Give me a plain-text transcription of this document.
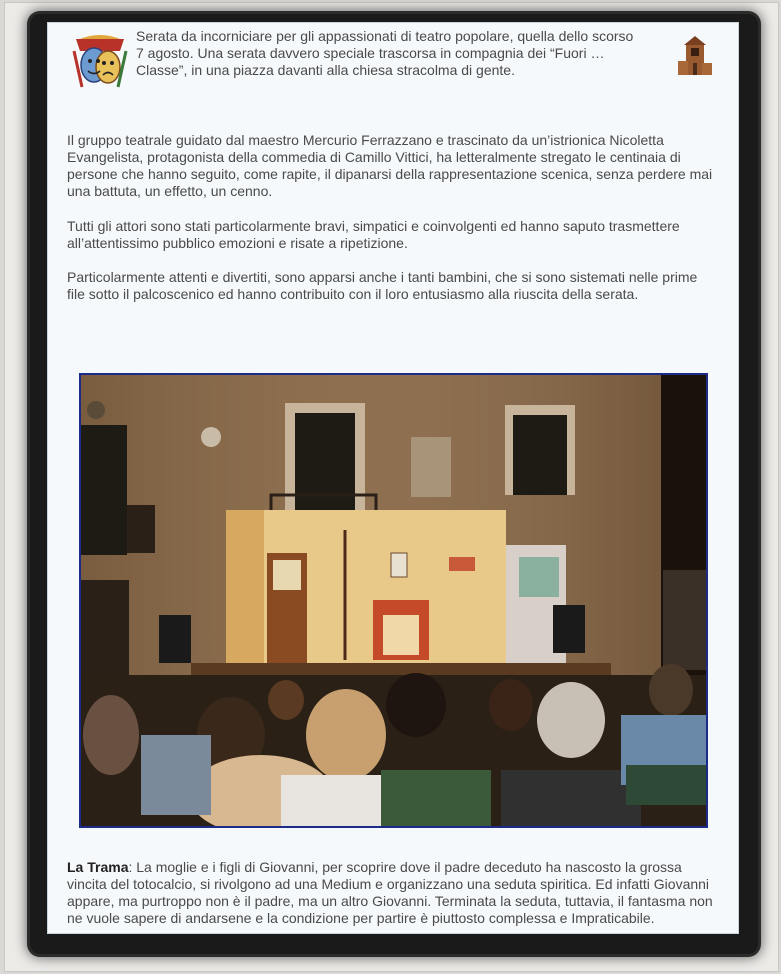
Serata da incorniciare per gli appassionati di teatro popolare, quella dello scorso 7 agosto. Una serata davvero speciale trascorsa in compagnia dei “Fuori …Classe”, in una piazza davanti alla chiesa stracolma di gente.

Il gruppo teatrale guidato dal maestro Mercurio Ferrazzano e trascinato da un’istrionica Nicoletta Evangelista, protagonista della commedia di Camillo Vittici, ha letteralmente stregato le centinaia di persone che hanno seguito, come rapite, il dipanarsi della rappresentazione scenica, senza perdere mai una battuta, un effetto, un cenno.

Tutti gli attori sono stati particolarmente bravi, simpatici e coinvolgenti ed hanno saputo trasmettere all’attentissimo pubblico emozioni e risate a ripetizione.

Particolarmente attenti e divertiti, sono apparsi anche i tanti bambini, che si sono sistemati nelle prime file sotto il palcoscenico ed hanno contribuito con il loro entusiasmo alla riuscita della serata.

La Trama: La moglie e i figli di Giovanni, per scoprire dove il padre deceduto ha nascosto la grossa vincita del totocalcio, si rivolgono ad una Medium e organizzano una seduta spiritica. Ed infatti Giovanni appare, ma purtroppo non è il padre, ma un altro Giovanni. Terminata la seduta, tuttavia, il fantasma non ne vuole sapere di andarsene e la condizione per partire è piuttosto complessa e Impraticabile.
